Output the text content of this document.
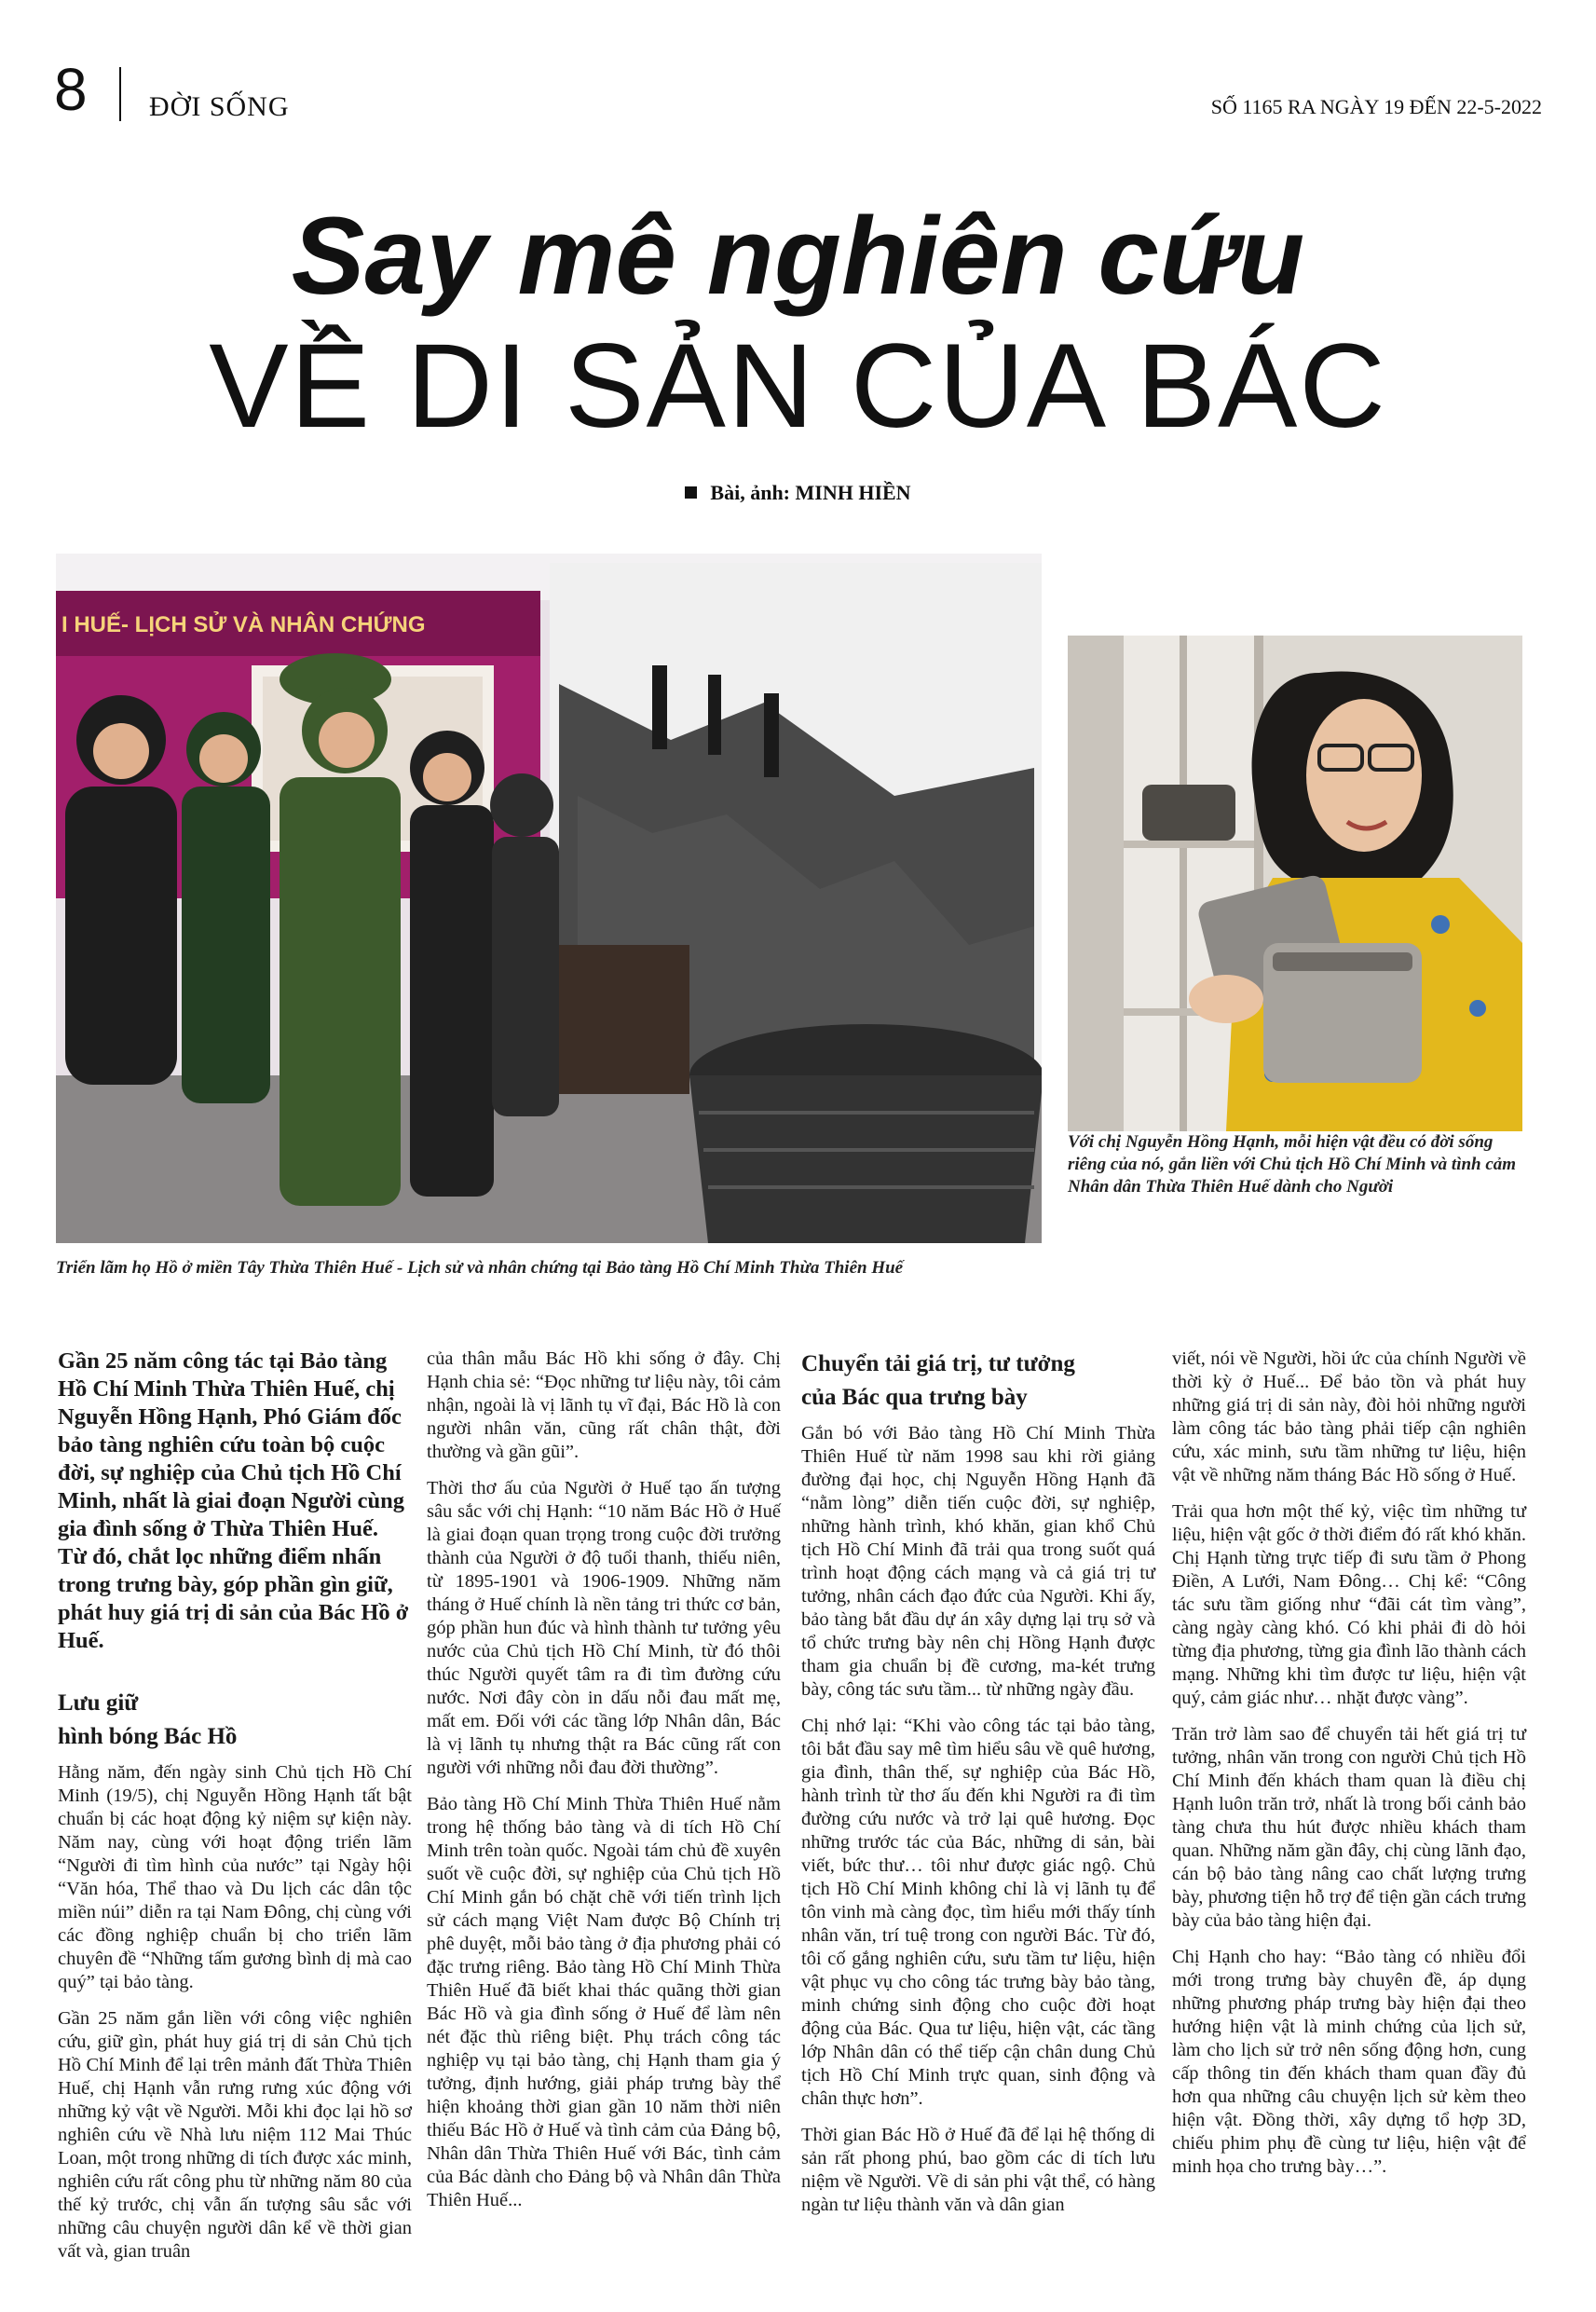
8 ĐỜI SỐNG	SỐ 1165 RA NGÀY 19 ĐẾN 22-5-2022
Say mê nghiên cứu
VỀ DI SẢN CỦA BÁC
Bài, ảnh: MINH HIỀN
I HUẾ- LỊCH SỬ VÀ NHÂN CHỨNG
Triển lãm họ Hồ ở miền Tây Thừa Thiên Huế - Lịch sử và nhân chứng tại Bảo tàng Hồ Chí Minh Thừa Thiên Huế
Với chị Nguyễn Hồng Hạnh, mỗi hiện vật đều có đời sống riêng của nó, gắn liền với Chủ tịch Hồ Chí Minh và tình cảm Nhân dân Thừa Thiên Huế dành cho Người

Gần 25 năm công tác tại Bảo tàng Hồ Chí Minh Thừa Thiên Huế, chị Nguyễn Hồng Hạnh, Phó Giám đốc bảo tàng nghiên cứu toàn bộ cuộc đời, sự nghiệp của Chủ tịch Hồ Chí Minh, nhất là giai đoạn Người cùng gia đình sống ở Thừa Thiên Huế. Từ đó, chắt lọc những điểm nhấn trong trưng bày, góp phần gìn giữ, phát huy giá trị di sản của Bác Hồ ở Huế.

Lưu giữ
hình bóng Bác Hồ

Hằng năm, đến ngày sinh Chủ tịch Hồ Chí Minh (19/5), chị Nguyễn Hồng Hạnh tất bật chuẩn bị các hoạt động kỷ niệm sự kiện này. Năm nay, cùng với hoạt động triển lãm “Người đi tìm hình của nước” tại Ngày hội “Văn hóa, Thể thao và Du lịch các dân tộc miền núi” diễn ra tại Nam Đông, chị cùng với các đồng nghiệp chuẩn bị cho triển lãm chuyên đề “Những tấm gương bình dị mà cao quý” tại bảo tàng.

Gần 25 năm gắn liền với công việc nghiên cứu, giữ gìn, phát huy giá trị di sản Chủ tịch Hồ Chí Minh để lại trên mảnh đất Thừa Thiên Huế, chị Hạnh vẫn rưng rưng xúc động với những kỷ vật về Người. Mỗi khi đọc lại hồ sơ nghiên cứu về Nhà lưu niệm 112 Mai Thúc Loan, một trong những di tích được xác minh, nghiên cứu rất công phu từ những năm 80 của thế kỷ trước, chị vẫn ấn tượng sâu sắc với những câu chuyện người dân kể về thời gian vất và, gian truân

của thân mẫu Bác Hồ khi sống ở đây. Chị Hạnh chia sẻ: “Đọc những tư liệu này, tôi cảm nhận, ngoài là vị lãnh tụ vĩ đại, Bác Hồ là con người nhân văn, cũng rất chân thật, đời thường và gần gũi”.

Thời thơ ấu của Người ở Huế tạo ấn tượng sâu sắc với chị Hạnh: “10 năm Bác Hồ ở Huế là giai đoạn quan trọng trong cuộc đời trưởng thành của Người ở độ tuổi thanh, thiếu niên, từ 1895-1901 và 1906-1909. Những năm tháng ở Huế chính là nền tảng tri thức cơ bản, góp phần hun đúc và hình thành tư tưởng yêu nước của Chủ tịch Hồ Chí Minh, từ đó thôi thúc Người quyết tâm ra đi tìm đường cứu nước. Nơi đây còn in dấu nỗi đau mất mẹ, mất em. Đối với các tầng lớp Nhân dân, Bác là vị lãnh tụ nhưng thật ra Bác cũng rất con người với những nỗi đau đời thường”.

Bảo tàng Hồ Chí Minh Thừa Thiên Huế nằm trong hệ thống bảo tàng và di tích Hồ Chí Minh trên toàn quốc. Ngoài tám chủ đề xuyên suốt về cuộc đời, sự nghiệp của Chủ tịch Hồ Chí Minh gắn bó chặt chẽ với tiến trình lịch sử cách mạng Việt Nam được Bộ Chính trị phê duyệt, mỗi bảo tàng ở địa phương phải có đặc trưng riêng. Bảo tàng Hồ Chí Minh Thừa Thiên Huế đã biết khai thác quãng thời gian Bác Hồ và gia đình sống ở Huế để làm nên nét đặc thù riêng biệt. Phụ trách công tác nghiệp vụ tại bảo tàng, chị Hạnh tham gia ý tưởng, định hướng, giải pháp trưng bày thể hiện khoảng thời gian gần 10 năm thời niên thiếu Bác Hồ ở Huế và tình cảm của Đảng bộ, Nhân dân Thừa Thiên Huế với Bác, tình cảm của Bác dành cho Đảng bộ và Nhân dân Thừa Thiên Huế...

Chuyển tải giá trị, tư tưởng
của Bác qua trưng bày

Gắn bó với Bảo tàng Hồ Chí Minh Thừa Thiên Huế từ năm 1998 sau khi rời giảng đường đại học, chị Nguyễn Hồng Hạnh đã “nằm lòng” diễn tiến cuộc đời, sự nghiệp, những hành trình, khó khăn, gian khổ Chủ tịch Hồ Chí Minh đã trải qua trong suốt quá trình hoạt động cách mạng và cả giá trị tư tưởng, nhân cách đạo đức của Người. Khi ấy, bảo tàng bắt đầu dự án xây dựng lại trụ sở và tổ chức trưng bày nên chị Hồng Hạnh được tham gia chuẩn bị đề cương, ma-két trưng bày, công tác sưu tầm... từ những ngày đầu.

Chị nhớ lại: “Khi vào công tác tại bảo tàng, tôi bắt đầu say mê tìm hiểu sâu về quê hương, gia đình, thân thế, sự nghiệp của Bác Hồ, hành trình từ thơ ấu đến khi Người ra đi tìm đường cứu nước và trở lại quê hương. Đọc những trước tác của Bác, những di sản, bài viết, bức thư… tôi như được giác ngộ. Chủ tịch Hồ Chí Minh không chỉ là vị lãnh tụ để tôn vinh mà càng đọc, tìm hiểu mới thấy tính nhân văn, trí tuệ trong con người Bác. Từ đó, tôi cố gắng nghiên cứu, sưu tầm tư liệu, hiện vật phục vụ cho công tác trưng bày bảo tàng, minh chứng sinh động cho cuộc đời hoạt động của Bác. Qua tư liệu, hiện vật, các tầng lớp Nhân dân có thể tiếp cận chân dung Chủ tịch Hồ Chí Minh trực quan, sinh động và chân thực hơn”.

Thời gian Bác Hồ ở Huế đã để lại hệ thống di sản rất phong phú, bao gồm các di tích lưu niệm về Người. Về di sản phi vật thể, có hàng ngàn tư liệu thành văn và dân gian

viết, nói về Người, hồi ức của chính Người về thời kỳ ở Huế... Để bảo tồn và phát huy những giá trị di sản này, đòi hỏi những người làm công tác bảo tàng phải tiếp cận nghiên cứu, xác minh, sưu tầm những tư liệu, hiện vật về những năm tháng Bác Hồ sống ở Huế.

Trải qua hơn một thế kỷ, việc tìm những tư liệu, hiện vật gốc ở thời điểm đó rất khó khăn. Chị Hạnh từng trực tiếp đi sưu tầm ở Phong Điền, A Lưới, Nam Đông… Chị kể: “Công tác sưu tầm giống như “đãi cát tìm vàng”, càng ngày càng khó. Có khi phải đi dò hỏi từng địa phương, từng gia đình lão thành cách mạng. Những khi tìm được tư liệu, hiện vật quý, cảm giác như… nhặt được vàng”.

Trăn trở làm sao để chuyển tải hết giá trị tư tưởng, nhân văn trong con người Chủ tịch Hồ Chí Minh đến khách tham quan là điều chị Hạnh luôn trăn trở, nhất là trong bối cảnh bảo tàng chưa thu hút được nhiều khách tham quan. Những năm gần đây, chị cùng lãnh đạo, cán bộ bảo tàng nâng cao chất lượng trưng bày, phương tiện hỗ trợ để tiện gần cách trưng bày của bảo tàng hiện đại.

Chị Hạnh cho hay: “Bảo tàng có nhiều đổi mới trong trưng bày chuyên đề, áp dụng những phương pháp trưng bày hiện đại theo hướng hiện vật là minh chứng của lịch sử, làm cho lịch sử trở nên sống động hơn, cung cấp thông tin đến khách tham quan đầy đủ hơn qua những câu chuyện lịch sử kèm theo hiện vật. Đồng thời, xây dựng tổ hợp 3D, chiếu phim phụ đề cùng tư liệu, hiện vật để minh họa cho trưng bày…”.
